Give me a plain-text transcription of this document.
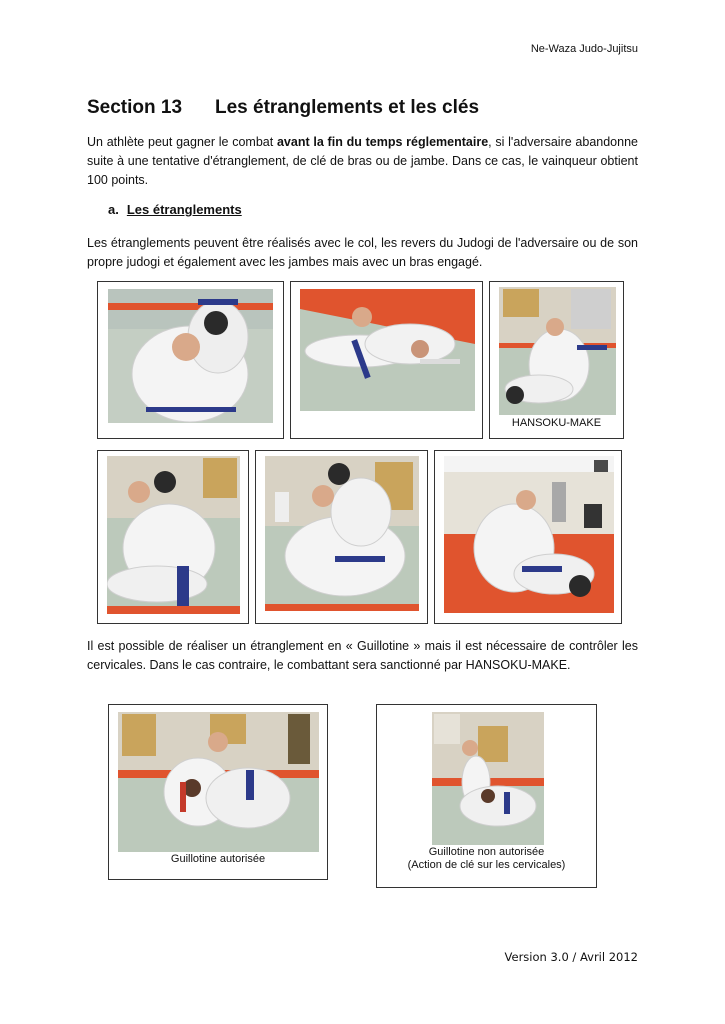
Ne-Waza Judo-Jujitsu
Section 13 Les étranglements et les clés

Un athlète peut gagner le combat avant la fin du temps réglementaire, si l'adversaire abandonne suite à une tentative d'étranglement, de clé de bras ou de jambe. Dans ce cas, le vainqueur obtient 100 points.

a. Les étranglements

Les étranglements peuvent être réalisés avec le col, les revers du Judogi de l'adversaire ou de son propre judogi et également avec les jambes mais avec un bras engagé.

HANSOKU-MAKE

Il est possible de réaliser un étranglement en « Guillotine » mais il est nécessaire de contrôler les cervicales. Dans le cas contraire, le combattant sera sanctionné par HANSOKU-MAKE.

Guillotine autorisée
Guillotine non autorisée
(Action de clé sur les cervicales)
Version 3.0 / Avril 2012
